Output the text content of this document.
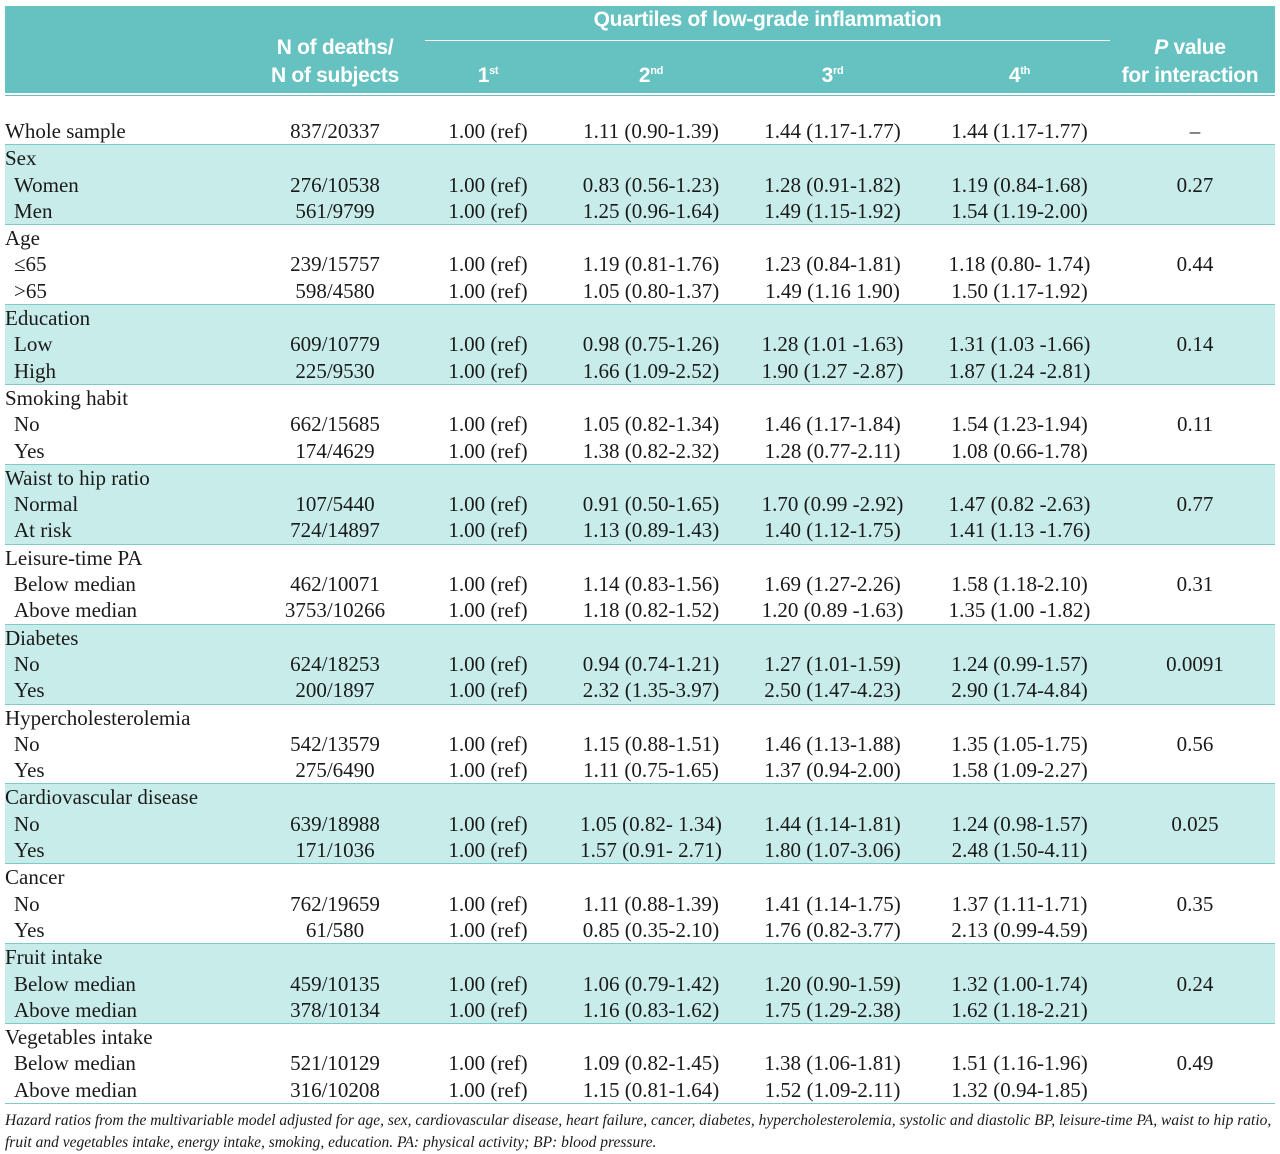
Quartiles of low-grade inflammation
N of deaths/
N of subjects	1st	2nd	3rd	4th
P value
for interaction
Whole sample	837/20337	1.00 (ref)	1.11 (0.90-1.39)	1.44 (1.17-1.77)	1.44 (1.17-1.77)	–
Sex
Women	276/10538	1.00 (ref)	0.83 (0.56-1.23)	1.28 (0.91-1.82)	1.19 (0.84-1.68)	0.27
Men	561/9799	1.00 (ref)	1.25 (0.96-1.64)	1.49 (1.15-1.92)	1.54 (1.19-2.00)
Age
≤65	239/15757	1.00 (ref)	1.19 (0.81-1.76)	1.23 (0.84-1.81)	1.18 (0.80- 1.74)	0.44
>65	598/4580	1.00 (ref)	1.05 (0.80-1.37)	1.49 (1.16 1.90)	1.50 (1.17-1.92)
Education
Low	609/10779	1.00 (ref)	0.98 (0.75-1.26)	1.28 (1.01 -1.63)	1.31 (1.03 -1.66)	0.14
High	225/9530	1.00 (ref)	1.66 (1.09-2.52)	1.90 (1.27 -2.87)	1.87 (1.24 -2.81)
Smoking habit
No	662/15685	1.00 (ref)	1.05 (0.82-1.34)	1.46 (1.17-1.84)	1.54 (1.23-1.94)	0.11
Yes	174/4629	1.00 (ref)	1.38 (0.82-2.32)	1.28 (0.77-2.11)	1.08 (0.66-1.78)
Waist to hip ratio
Normal	107/5440	1.00 (ref)	0.91 (0.50-1.65)	1.70 (0.99 -2.92)	1.47 (0.82 -2.63)	0.77
At risk	724/14897	1.00 (ref)	1.13 (0.89-1.43)	1.40 (1.12-1.75)	1.41 (1.13 -1.76)
Leisure-time PA
Below median	462/10071	1.00 (ref)	1.14 (0.83-1.56)	1.69 (1.27-2.26)	1.58 (1.18-2.10)	0.31
Above median	3753/10266	1.00 (ref)	1.18 (0.82-1.52)	1.20 (0.89 -1.63)	1.35 (1.00 -1.82)
Diabetes
No	624/18253	1.00 (ref)	0.94 (0.74-1.21)	1.27 (1.01-1.59)	1.24 (0.99-1.57)	0.0091
Yes	200/1897	1.00 (ref)	2.32 (1.35-3.97)	2.50 (1.47-4.23)	2.90 (1.74-4.84)
Hypercholesterolemia
No	542/13579	1.00 (ref)	1.15 (0.88-1.51)	1.46 (1.13-1.88)	1.35 (1.05-1.75)	0.56
Yes	275/6490	1.00 (ref)	1.11 (0.75-1.65)	1.37 (0.94-2.00)	1.58 (1.09-2.27)
Cardiovascular disease
No	639/18988	1.00 (ref)	1.05 (0.82- 1.34)	1.44 (1.14-1.81)	1.24 (0.98-1.57)	0.025
Yes	171/1036	1.00 (ref)	1.57 (0.91- 2.71)	1.80 (1.07-3.06)	2.48 (1.50-4.11)
Cancer
No	762/19659	1.00 (ref)	1.11 (0.88-1.39)	1.41 (1.14-1.75)	1.37 (1.11-1.71)	0.35
Yes	61/580	1.00 (ref)	0.85 (0.35-2.10)	1.76 (0.82-3.77)	2.13 (0.99-4.59)
Fruit intake
Below median	459/10135	1.00 (ref)	1.06 (0.79-1.42)	1.20 (0.90-1.59)	1.32 (1.00-1.74)	0.24
Above median	378/10134	1.00 (ref)	1.16 (0.83-1.62)	1.75 (1.29-2.38)	1.62 (1.18-2.21)
Vegetables intake
Below median	521/10129	1.00 (ref)	1.09 (0.82-1.45)	1.38 (1.06-1.81)	1.51 (1.16-1.96)	0.49
Above median	316/10208	1.00 (ref)	1.15 (0.81-1.64)	1.52 (1.09-2.11)	1.32 (0.94-1.85)
Hazard ratios from the multivariable model adjusted for age, sex, cardiovascular disease, heart failure, cancer, diabetes, hypercholesterolemia, systolic and diastolic BP, leisure-time PA, waist to hip ratio, fruit and vegetables intake, energy intake, smoking, education. PA: physical activity; BP: blood pressure.
